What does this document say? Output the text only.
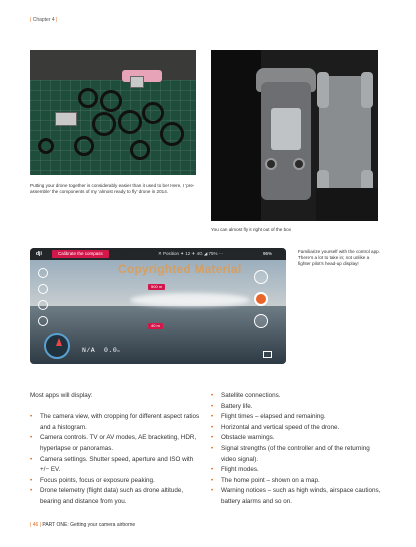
| Chapter 4 |
Putting your drone together is considerably easier than it used to be! Here, I ‘pre-assemble’ the components of my ‘almost ready to fly’ drone in 2014.
You can almost fly it right out of the box
dji	Calibrate the compass	✕ Position ✦ 12 ✈ 4G ◢ 75% ···	96%
500 m
40 m
N/A 0.0m
Familiarize yourself with the control app. There’s a lot to take in; not unlike a fighter pilot’s head-up display!
Copyrighted Material

Most apps will display:

• The camera view, with cropping for different aspect ratios and a histogram.
• Camera controls. TV or AV modes, AE bracketing, HDR, hyperlapse or panoramas.
• Camera settings. Shutter speed, aperture and ISO with +/− EV.
• Focus points, focus or exposure peaking.
• Drone telemetry (flight data) such as drone altitude, bearing and distance from you.
• Satellite connections.
• Battery life.
• Flight times – elapsed and remaining.
• Horizontal and vertical speed of the drone.
• Obstacle warnings.
• Signal strengths (of the controller and of the returning video signal).
• Flight modes.
• The home point – shown on a map.
• Warning notices – such as high winds, airspace cautions, battery alarms and so on.
| 46 | PART ONE: Getting your camera airborne
